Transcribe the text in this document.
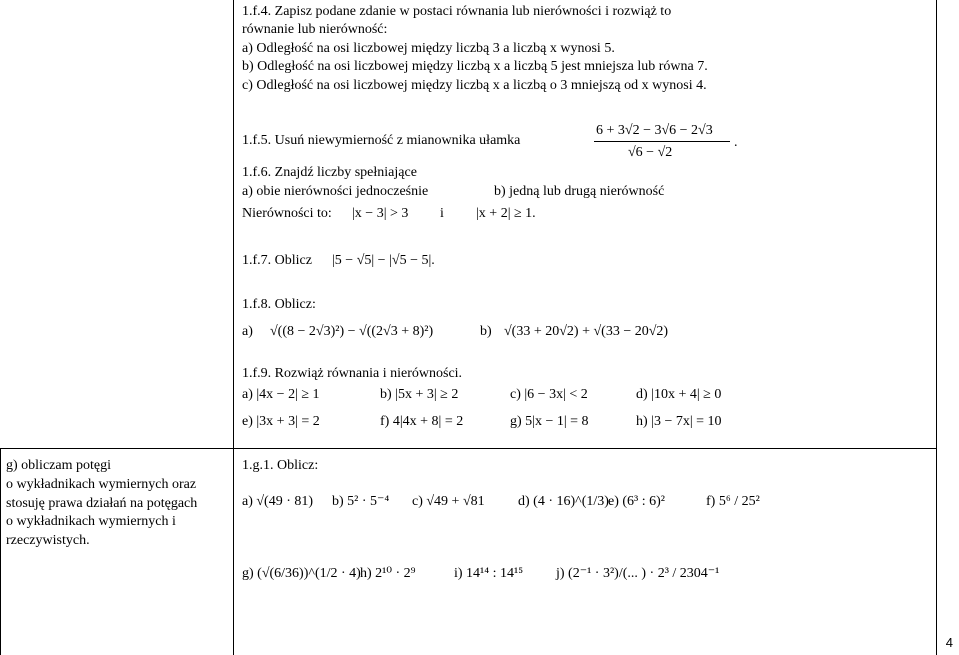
1.f.4. Zapisz podane zdanie w postaci równania lub nierówności i rozwiąż to
równanie lub nierówność:
a) Odległość na osi liczbowej między liczbą 3 a liczbą x wynosi 5.
b) Odległość na osi liczbowej między liczbą x a liczbą 5 jest mniejsza lub równa 7.
c) Odległość na osi liczbowej między liczbą x a liczbą o 3 mniejszą od x wynosi 4.
1.f.5. Usuń niewymierność z mianownika ułamka
6 + 3√2 − 3√6 − 2√3
√6 − √2
.
1.f.6. Znajdź liczby spełniające
a) obie nierówności jednocześnie	b) jedną lub drugą nierówność
Nierówności to: |x − 3| > 3 i |x + 2| ≥ 1.
1.f.7. Oblicz |5 − √5| − |√5 − 5|.
1.f.8. Oblicz:
a) √((8 − 2√3)²) − √((2√3 + 8)²)	b) √(33 + 20√2) + √(33 − 20√2)
1.f.9. Rozwiąż równania i nierówności.
a) |4x − 2| ≥ 1	b) |5x + 3| ≥ 2	c) |6 − 3x| < 2	d) |10x + 4| ≥ 0
e) |3x + 3| = 2	f) 4|4x + 8| = 2	g) 5|x − 1| = 8	h) |3 − 7x| = 10
g) obliczam potęgi
o wykładnikach wymiernych oraz
stosuję prawa działań na potęgach
o wykładnikach wymiernych i
rzeczywistych.
1.g.1. Oblicz:
a) √(49 · 81) b) 5² · 5⁻⁴ c) √49 + √81 d) (4 · 16)^(1/3) e) (6³ : 6)²	f) 5⁶ / 25²
g) (√(6/36))^(1/2 · 4) h) 2¹⁰ · 2⁹	i) 14¹⁴ : 14¹⁵ j) (2⁻¹ · 3²)/(... ) · 2³ / 2304⁻¹
4
